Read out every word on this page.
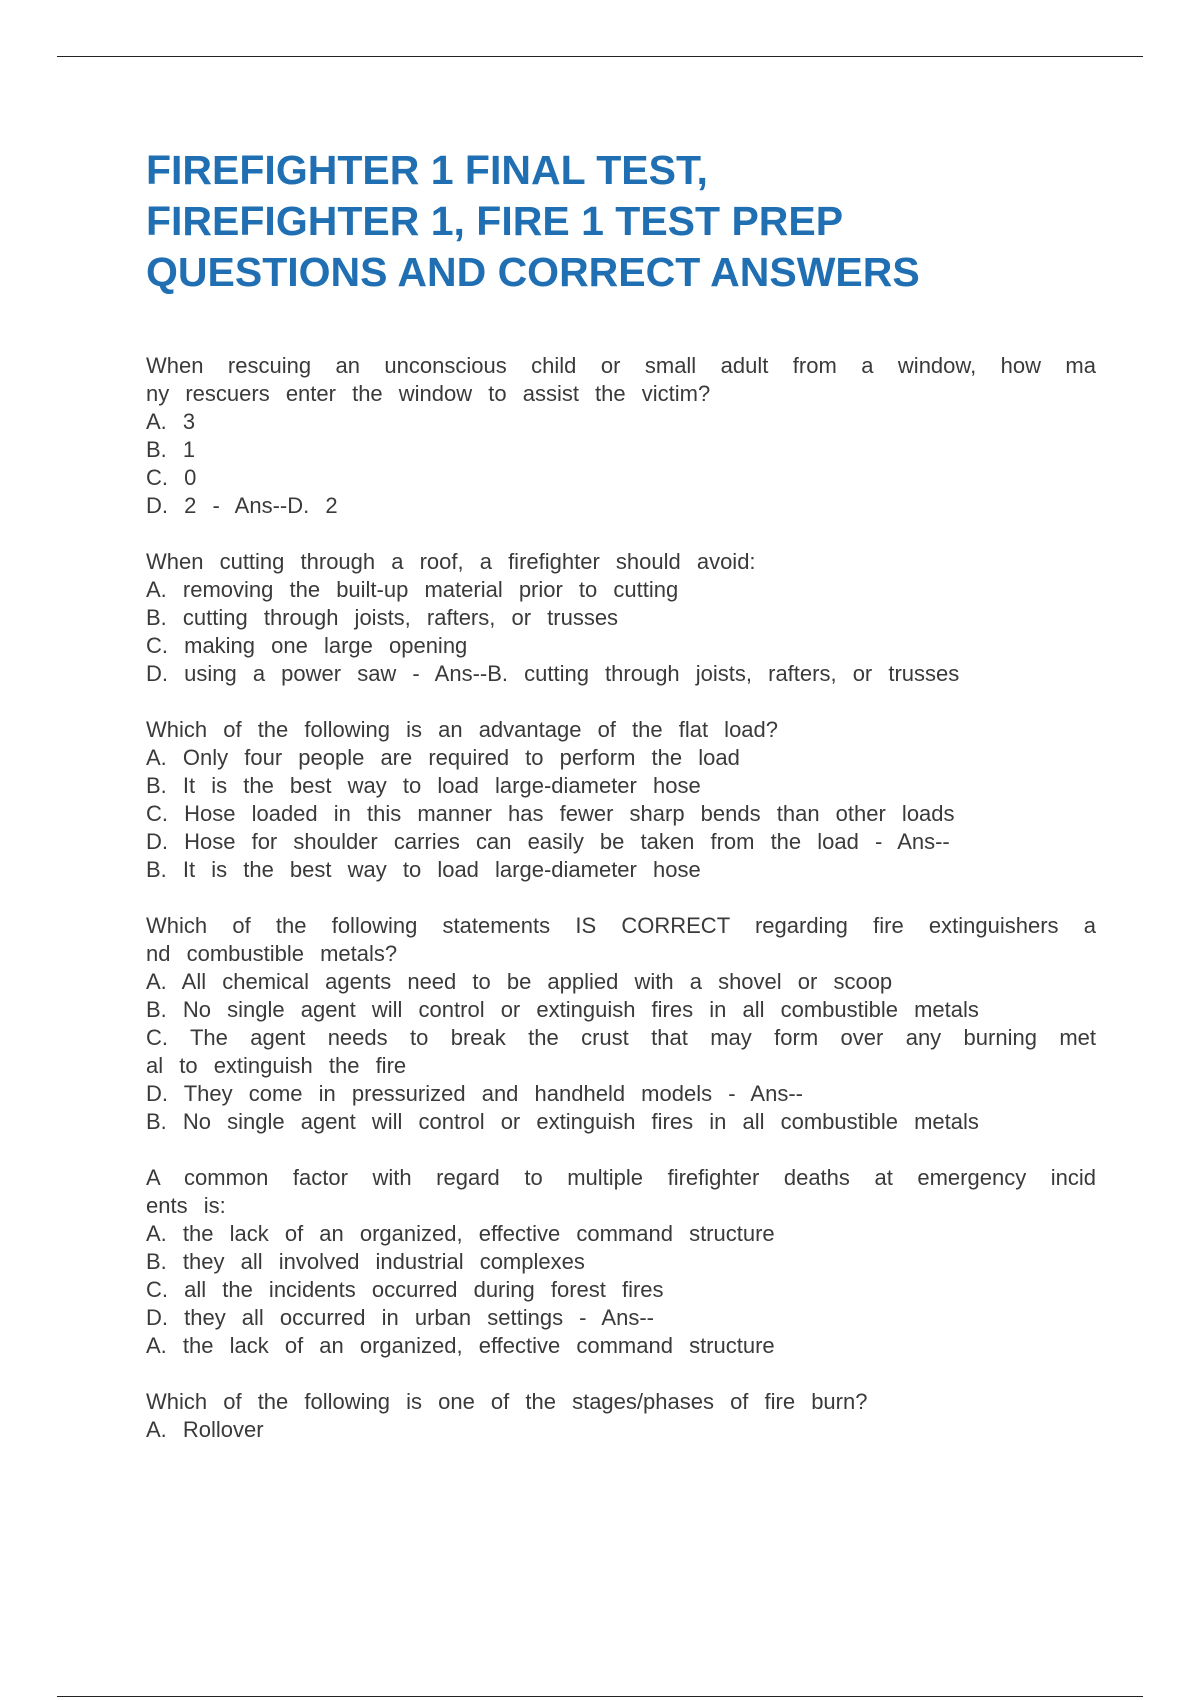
FIREFIGHTER 1 FINAL TEST,
FIREFIGHTER 1, FIRE 1 TEST PREP
QUESTIONS AND CORRECT ANSWERS
When rescuing an unconscious child or small adult from a window, how ma
ny rescuers enter the window to assist the victim?
A. 3
B. 1
C. 0
D. 2 - Ans--D. 2
When cutting through a roof, a firefighter should avoid:
A. removing the built-up material prior to cutting
B. cutting through joists, rafters, or trusses
C. making one large opening
D. using a power saw - Ans--B. cutting through joists, rafters, or trusses
Which of the following is an advantage of the flat load?
A. Only four people are required to perform the load
B. It is the best way to load large-diameter hose
C. Hose loaded in this manner has fewer sharp bends than other loads
D. Hose for shoulder carries can easily be taken from the load - Ans--
B. It is the best way to load large-diameter hose
Which of the following statements IS CORRECT regarding fire extinguishers a
nd combustible metals?
A. All chemical agents need to be applied with a shovel or scoop
B. No single agent will control or extinguish fires in all combustible metals
C. The agent needs to break the crust that may form over any burning met
al to extinguish the fire
D. They come in pressurized and handheld models - Ans--
B. No single agent will control or extinguish fires in all combustible metals
A common factor with regard to multiple firefighter deaths at emergency incid
ents is:
A. the lack of an organized, effective command structure
B. they all involved industrial complexes
C. all the incidents occurred during forest fires
D. they all occurred in urban settings - Ans--
A. the lack of an organized, effective command structure
Which of the following is one of the stages/phases of fire burn?
A. Rollover
